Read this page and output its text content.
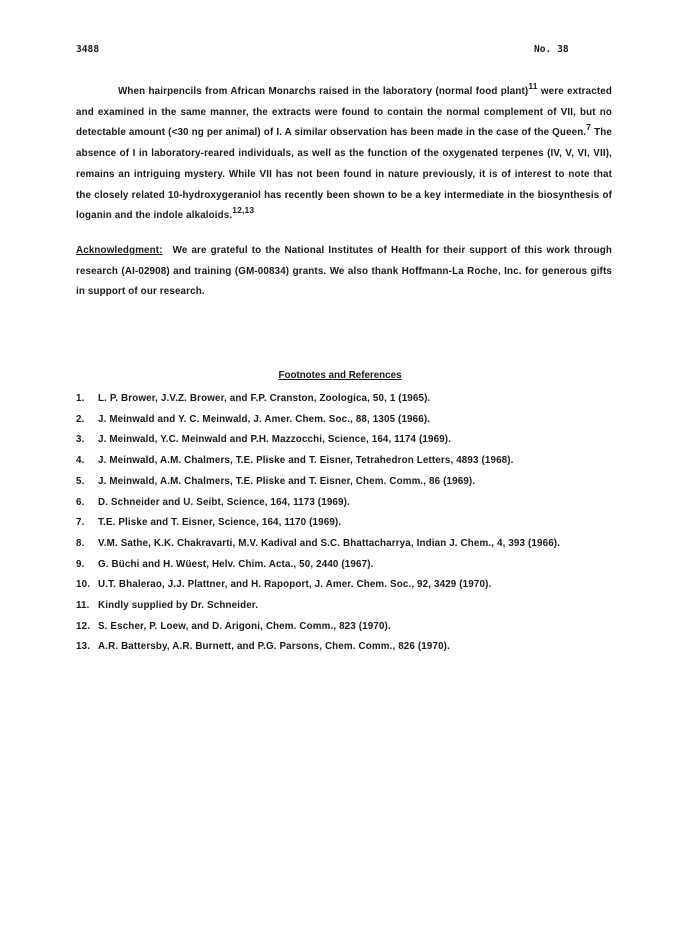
3488	No. 38

When hairpencils from African Monarchs raised in the laboratory (normal food plant)$^{11}$ were extracted and examined in the same manner, the extracts were found to contain the normal complement of VII, but no detectable amount (<30 ng per animal) of I. A similar observation has been made in the case of the Queen.$^7$ The absence of I in laboratory-reared individuals, as well as the function of the oxygenated terpenes (IV, V, VI, VII), remains an intriguing mystery. While VII has not been found in nature previously, it is of interest to note that the closely related 10-hydroxygeraniol has recently been shown to be a key intermediate in the biosynthesis of loganin and the indole alkaloids.$^{12,13}$

Acknowledgment: We are grateful to the National Institutes of Health for their support of this work through research (AI-02908) and training (GM-00834) grants. We also thank Hoffmann-La Roche, Inc. for generous gifts in support of our research.

Footnotes and References
1.	L. P. Brower, J.V.Z. Brower, and F.P. Cranston, Zoologica, 50, 1 (1965).
2.	J. Meinwald and Y. C. Meinwald, J. Amer. Chem. Soc., 88, 1305 (1966).
3.	J. Meinwald, Y.C. Meinwald and P.H. Mazzocchi, Science, 164, 1174 (1969).
4.	J. Meinwald, A.M. Chalmers, T.E. Pliske and T. Eisner, Tetrahedron Letters, 4893 (1968).
5.	J. Meinwald, A.M. Chalmers, T.E. Pliske and T. Eisner, Chem. Comm., 86 (1969).
6.	D. Schneider and U. Seibt, Science, 164, 1173 (1969).
7.	T.E. Pliske and T. Eisner, Science, 164, 1170 (1969).
8.	V.M. Sathe, K.K. Chakravarti, M.V. Kadival and S.C. Bhattacharrya, Indian J. Chem., 4, 393 (1966).
9.	G. Büchi and H. Wüest, Helv. Chim. Acta., 50, 2440 (1967).
10. U.T. Bhalerao, J.J. Plattner, and H. Rapoport, J. Amer. Chem. Soc., 92, 3429 (1970).
11. Kindly supplied by Dr. Schneider.
12. S. Escher, P. Loew, and D. Arigoni, Chem. Comm., 823 (1970).
13. A.R. Battersby, A.R. Burnett, and P.G. Parsons, Chem. Comm., 826 (1970).
